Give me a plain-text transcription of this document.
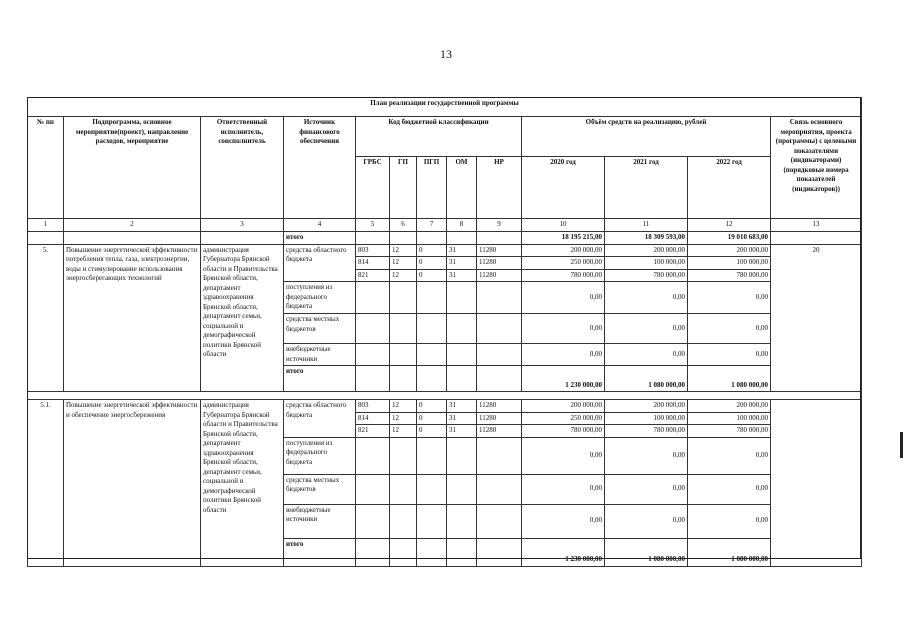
13
План реализации государственной программы												
№ пп	Подпрограмма, основное мероприятие(проект), направление расходов, мероприятие	Ответственный исполнитель, соисполнитель	Источник финансового обеспечения	Код бюджетной классификации					Объём средств на реализацию, рублей			Связь основного мероприятия, проекта (программы) с целевыми показателями (индикаторами) (порядковые номера показателей (индикаторов))
				ГРБС	ГП	ПГП	ОМ	НР	2020 год	2021 год	2022 год	
1	2	3	4	5	6	7	8	9	10	11	12	13
			итого						18 195 215,00	18 309 593,00	19 010 683,00	
5.	Повышение энергетической эффективности потребления тепла, газа, электроэнергии, воды и стимулирование использования энергосберегающих технологий	администрация Губернатора Брянской области и Правительства Брянской области, департамент здравоохранения Брянской области, департамент семьи, социальной и демографической политики Брянской области	средства областного бюджета	803	12	0	31	11280	200 000,00	200 000,00	200 000,00	20
				814	12	0	31	11280	250 000,00	100 000,00	100 000,00	
				821	12	0	31	11280	780 000,00	780 000,00	780 000,00	
			поступления из федерального бюджета						0,00	0,00	0,00	
			средства местных бюджетов						0,00	0,00	0,00	
			внебюджетные источники						0,00	0,00	0,00	
			итого						1 230 000,00	1 080 000,00	1 080 000,00	

5.1.	Повышение энергетической эффективности и обеспечение энергосбережения	администрация Губернатора Брянской области и Правительства Брянской области, департамент здравоохранения Брянской области, департамент семьи, социальной и демографической политики Брянской области	средства областного бюджета	803	12	0	31	11280	200 000,00	200 000,00	200 000,00	
				814	12	0	31	11280	250 000,00	100 000,00	100 000,00	
				821	12	0	31	11280	780 000,00	780 000,00	780 000,00	
			поступления из федерального бюджета						0,00	0,00	0,00	
			средства местных бюджетов						0,00	0,00	0,00	
			внебюджетные источники						0,00	0,00	0,00	
			итого						1 230 000,00	1 080 000,00	1 080 000,00	
